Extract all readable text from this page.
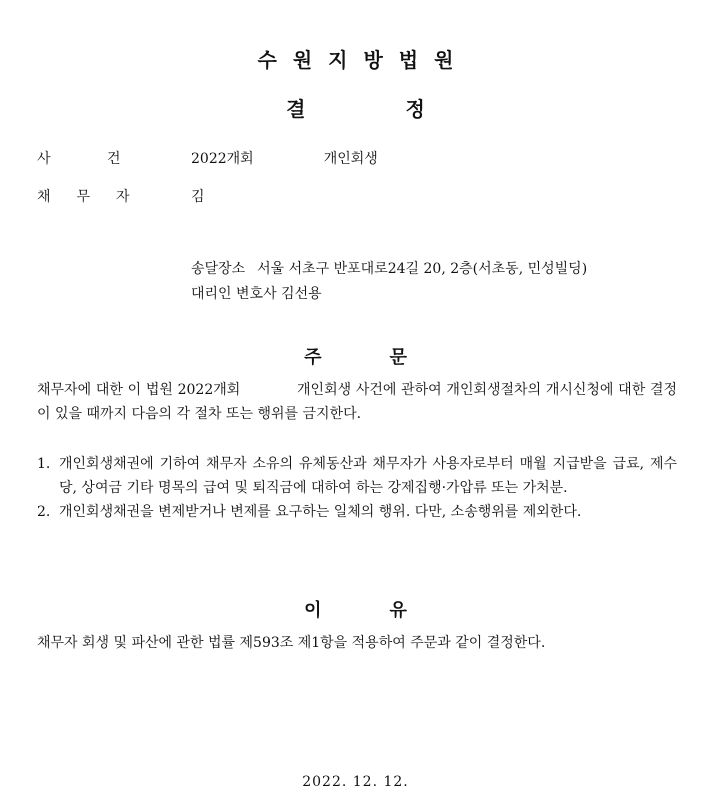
수원지방법원
결	정
사 건	2022개회	개인회생
채무자	김
송달장소 서울 서초구 반포대로24길 20, 2층(서초동, 민성빌딩)
대리인 변호사 김선용
주	문

채무자에 대한 이 법원 2022개회            개인회생 사건에 관하여 개인회생절차의 개시신청에 대한 결정이 있을 때까지 다음의 각 절차 또는 행위를 금지한다.

1. 개인회생채권에 기하여 채무자 소유의 유체동산과 채무자가 사용자로부터 매월 지급받을 급료, 제수당, 상여금 기타 명목의 급여 및 퇴직금에 대하여 하는 강제집행·가압류 또는 가처분.
2. 개인회생채권을 변제받거나 변제를 요구하는 일체의 행위. 다만, 소송행위를 제외한다.
이	유

채무자 회생 및 파산에 관한 법률 제593조 제1항을 적용하여 주문과 같이 결정한다.

2022. 12. 12.
